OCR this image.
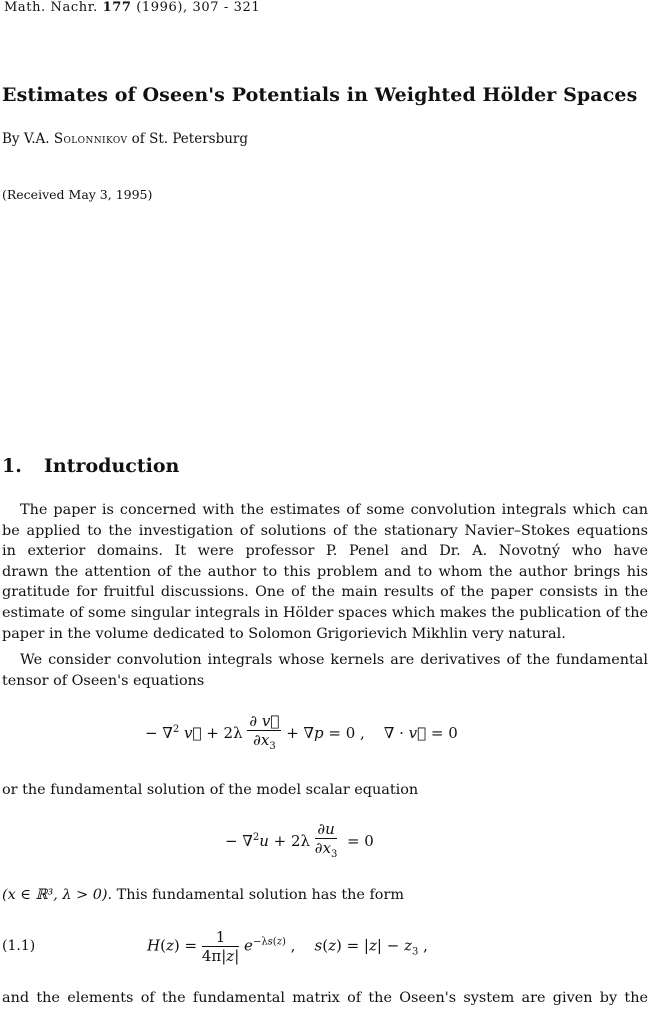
Math. Nachr. 177 (1996), 307 - 321
Estimates of Oseen's Potentials in Weighted Hölder Spaces
By V.A. Solonnikov of St. Petersburg
(Received May 3, 1995)
1. Introduction
The paper is concerned with the estimates of some convolution integrals which can
be applied to the investigation of solutions of the stationary Navier–Stokes equations
in exterior domains. It were professor P. Penel and Dr. A. Novotný who have
drawn the attention of the author to this problem and to whom the author brings his
gratitude for fruitful discussions. One of the main results of the paper consists in the
estimate of some singular integrals in Hölder spaces which makes the publication of the
paper in the volume dedicated to Solomon Grigorievich Mikhlin very natural.
We consider convolution integrals whose kernels are derivatives of the fundamental
tensor of Oseen's equations
− ∇$^2$ v⃗ + $2\lambda \frac{\partial v⃗}{\partial x_3} + \nabla p = 0$ ,    ∇ · v⃗ = 0
or the fundamental solution of the model scalar equation
− $\nabla^2u + 2\lambda \frac{\partial u}{\partial x_3} = 0$
(x ∈ ℝ³, λ > 0). This fundamental solution has the form
(1.1)	$H(z) = \frac{1}{4\pi|z|} e^{-\lambda s(z)}$ ,    $s(z) = |z| - z_3$ ,
and the elements of the fundamental matrix of the Oseen's system are given by the
